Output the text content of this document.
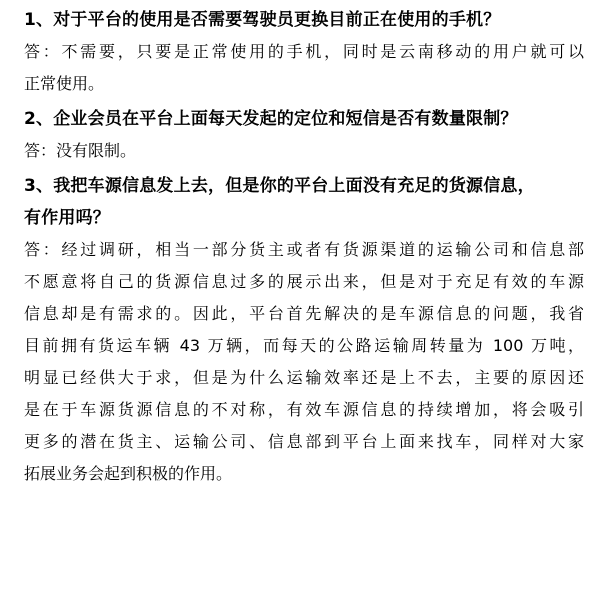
1、对于平台的使用是否需要驾驶员更换目前正在使用的手机？
答：不需要，只要是正常使用的手机，同时是云南移动的用户就可以
正常使用。
2、企业会员在平台上面每天发起的定位和短信是否有数量限制？
答：没有限制。
3、我把车源信息发上去，但是你的平台上面没有充足的货源信息，
有作用吗？
答：经过调研，相当一部分货主或者有货源渠道的运输公司和信息部
不愿意将自己的货源信息过多的展示出来，但是对于充足有效的车源
信息却是有需求的。因此，平台首先解决的是车源信息的问题，我省
目前拥有货运车辆 43 万辆，而每天的公路运输周转量为 100 万吨，
明显已经供大于求，但是为什么运输效率还是上不去，主要的原因还
是在于车源货源信息的不对称，有效车源信息的持续增加，将会吸引
更多的潜在货主、运输公司、信息部到平台上面来找车，同样对大家
拓展业务会起到积极的作用。
